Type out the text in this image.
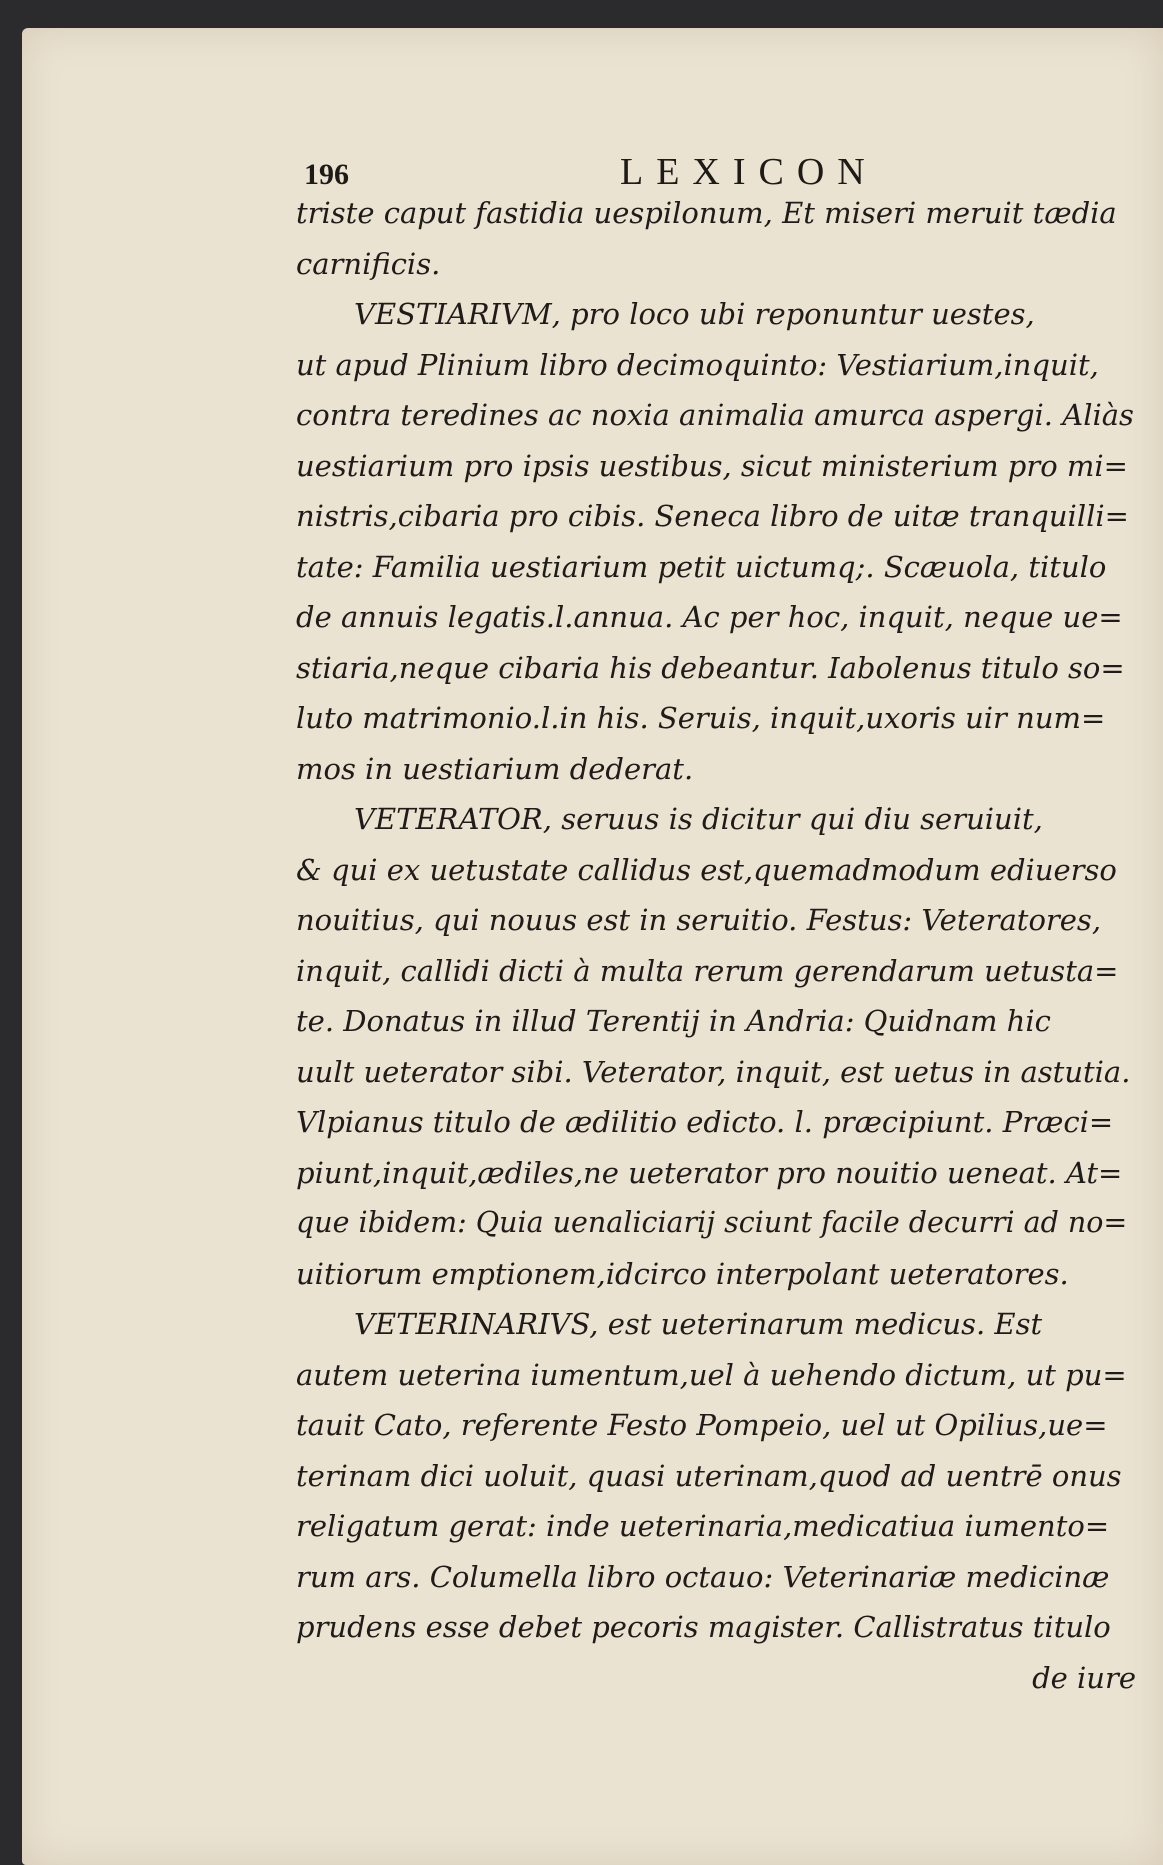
196	LEXICON
triste caput fastidia uespilonum, Et miseri meruit tædia
carnificis.
VESTIARIVM, pro loco ubi reponuntur uestes,
ut apud Plinium libro decimoquinto: Vestiarium,inquit,
contra teredines ac noxia animalia amurca aspergi. Aliàs
uestiarium pro ipsis uestibus, sicut ministerium pro mi=
nistris,cibaria pro cibis. Seneca libro de uitæ tranquilli=
tate: Familia uestiarium petit uictumq;. Scæuola, titulo
de annuis legatis.l.annua. Ac per hoc, inquit, neque ue=
stiaria,neque cibaria his debeantur. Iabolenus titulo so=
luto matrimonio.l.in his. Seruis, inquit,uxoris uir num=
mos in uestiarium dederat.
VETERATOR, seruus is dicitur qui diu seruiuit,
& qui ex uetustate callidus est,quemadmodum ediuerso
nouitius, qui nouus est in seruitio. Festus: Veteratores,
inquit, callidi dicti à multa rerum gerendarum uetusta=
te. Donatus in illud Terentij in Andria: Quidnam hic
uult ueterator sibi. Veterator, inquit, est uetus in astutia.
Vlpianus titulo de ædilitio edicto. l. præcipiunt. Præci=
piunt,inquit,ædiles,ne ueterator pro nouitio ueneat. At=
que ibidem: Quia uenaliciarij sciunt facile decurri ad no=
uitiorum emptionem,idcirco interpolant ueteratores.
VETERINARIVS, est ueterinarum medicus. Est
autem ueterina iumentum,uel à uehendo dictum, ut pu=
tauit Cato, referente Festo Pompeio, uel ut Opilius,ue=
terinam dici uoluit, quasi uterinam,quod ad uentrē onus
religatum gerat: inde ueterinaria,medicatiua iumento=
rum ars. Columella libro octauo: Veterinariæ medicinæ
prudens esse debet pecoris magister. Callistratus titulo
de iure
